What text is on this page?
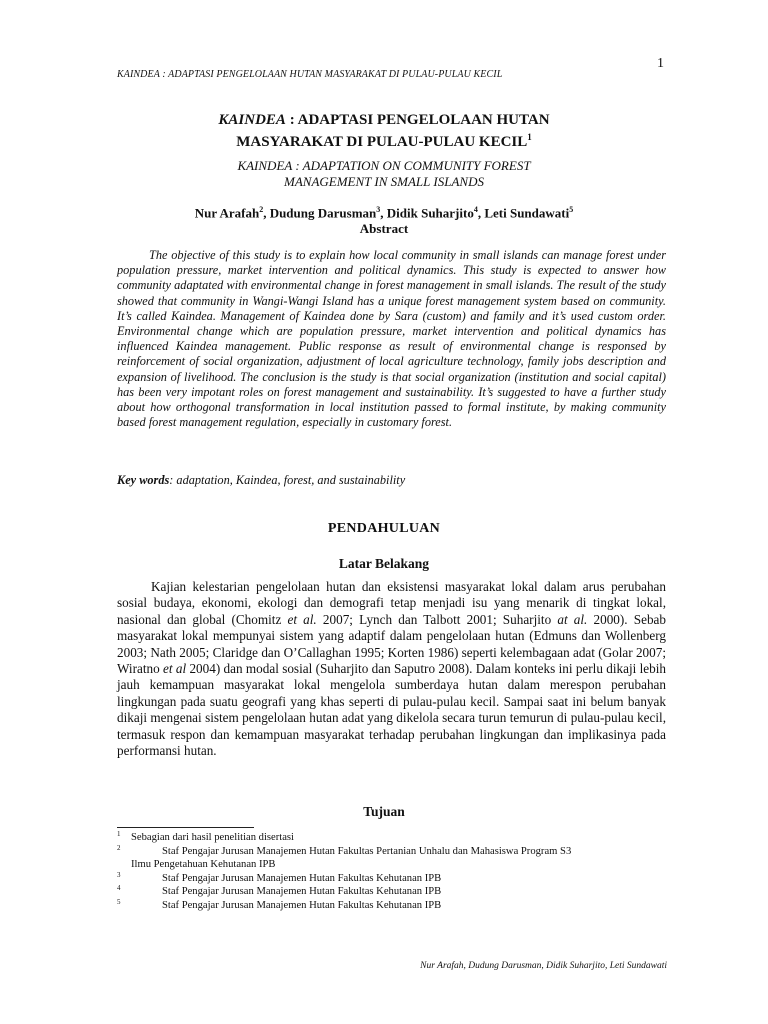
1
KAINDEA : ADAPTASI PENGELOLAAN HUTAN MASYARAKAT DI PULAU-PULAU KECIL
KAINDEA : ADAPTASI PENGELOLAAN HUTAN
MASYARAKAT DI PULAU-PULAU KECIL$^1$
KAINDEA : ADAPTATION ON COMMUNITY FOREST
MANAGEMENT IN SMALL ISLANDS
Nur Arafah$^2$, Dudung Darusman$^3$, Didik Suharjito$^4$, Leti Sundawati$^5$
Abstract

The objective of this study is to explain how local community in small islands can manage forest under population pressure, market intervention and political dynamics. This study is expected to answer how community adaptated with environmental change in forest management in small islands. The result of the study showed that community in Wangi-Wangi Island has a unique forest management system based on community. It’s called Kaindea. Management of Kaindea done by Sara (custom) and family and it’s used custom order. Environmental change which are population pressure, market intervention and political dynamics has influenced Kaindea management. Public response as result of environmental change is responsed by reinforcement of social organization, adjustment of local agriculture technology, family jobs description and expansion of livelihood. The conclusion is the study is that social organization (institution and social capital) has been very impotant roles on forest management and sustainability. It’s suggested to have a further study about how orthogonal transformation in local institution passed to formal institute, by making community based forest management regulation, especially in customary forest.

Key words: adaptation, Kaindea, forest, and sustainability
PENDAHULUAN
Latar Belakang

Kajian kelestarian pengelolaan hutan dan eksistensi masyarakat lokal dalam arus perubahan sosial budaya, ekonomi, ekologi dan demografi tetap menjadi isu yang menarik di tingkat lokal, nasional dan global (Chomitz et al. 2007; Lynch dan Talbott 2001; Suharjito at al. 2000). Sebab masyarakat lokal mempunyai sistem yang adaptif dalam pengelolaan hutan (Edmuns dan Wollenberg 2003; Nath 2005; Claridge dan O’Callaghan 1995; Korten 1986) seperti kelembagaan adat (Golar 2007; Wiratno et al 2004) dan modal sosial (Suharjito dan Saputro 2008). Dalam konteks ini perlu dikaji lebih jauh kemampuan masyarakat lokal mengelola sumberdaya hutan dalam merespon perubahan lingkungan pada suatu geografi yang khas seperti di pulau-pulau kecil. Sampai saat ini belum banyak dikaji mengenai sistem pengelolaan hutan adat yang dikelola secara turun temurun di pulau-pulau kecil, termasuk respon dan kemampuan masyarakat terhadap perubahan lingkungan dan implikasinya pada performansi hutan.

Tujuan
1 Sebagian dari hasil penelitian disertasi
2	Staf Pengajar Jurusan Manajemen Hutan Fakultas Pertanian Unhalu dan Mahasiswa Program S3
Ilmu Pengetahuan Kehutanan IPB
3	Staf Pengajar Jurusan Manajemen Hutan Fakultas Kehutanan IPB
4	Staf Pengajar Jurusan Manajemen Hutan Fakultas Kehutanan IPB
5	Staf Pengajar Jurusan Manajemen Hutan Fakultas Kehutanan IPB
Nur Arafah, Dudung Darusman, Didik Suharjito, Leti Sundawati
